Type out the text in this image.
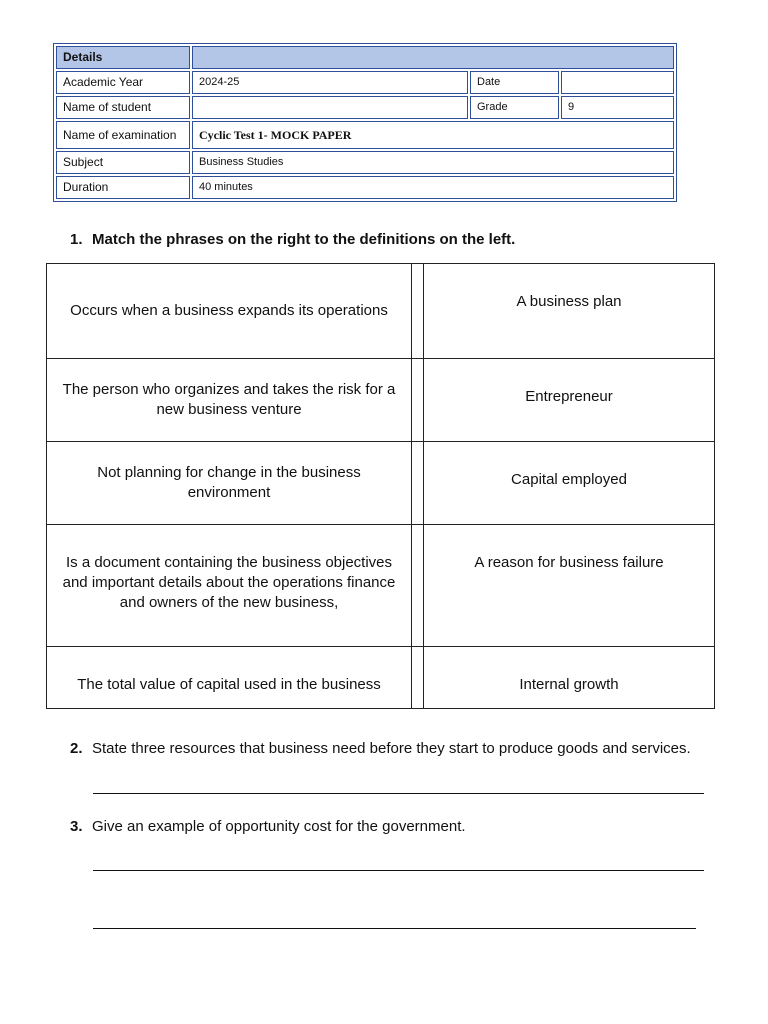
Details			
Academic Year	2024-25	Date	
Name of student		Grade	9
Name of examination	Cyclic Test 1- MOCK PAPER		
Subject	Business Studies		
Duration	40 minutes		
1. Match the phrases on the right to the definitions on the left.
Occurs when a business expands its operations		A business plan
The person who organizes and takes the risk for a new business venture		Entrepreneur
Not planning for change in the business environment		Capital employed
Is a document containing the business objectives and important details about the operations finance and owners of the new business,		A reason for business failure
The total value of capital used in the business		Internal growth
2. State three resources that business need before they start to produce goods and services.
3. Give an example of opportunity cost for the government.
